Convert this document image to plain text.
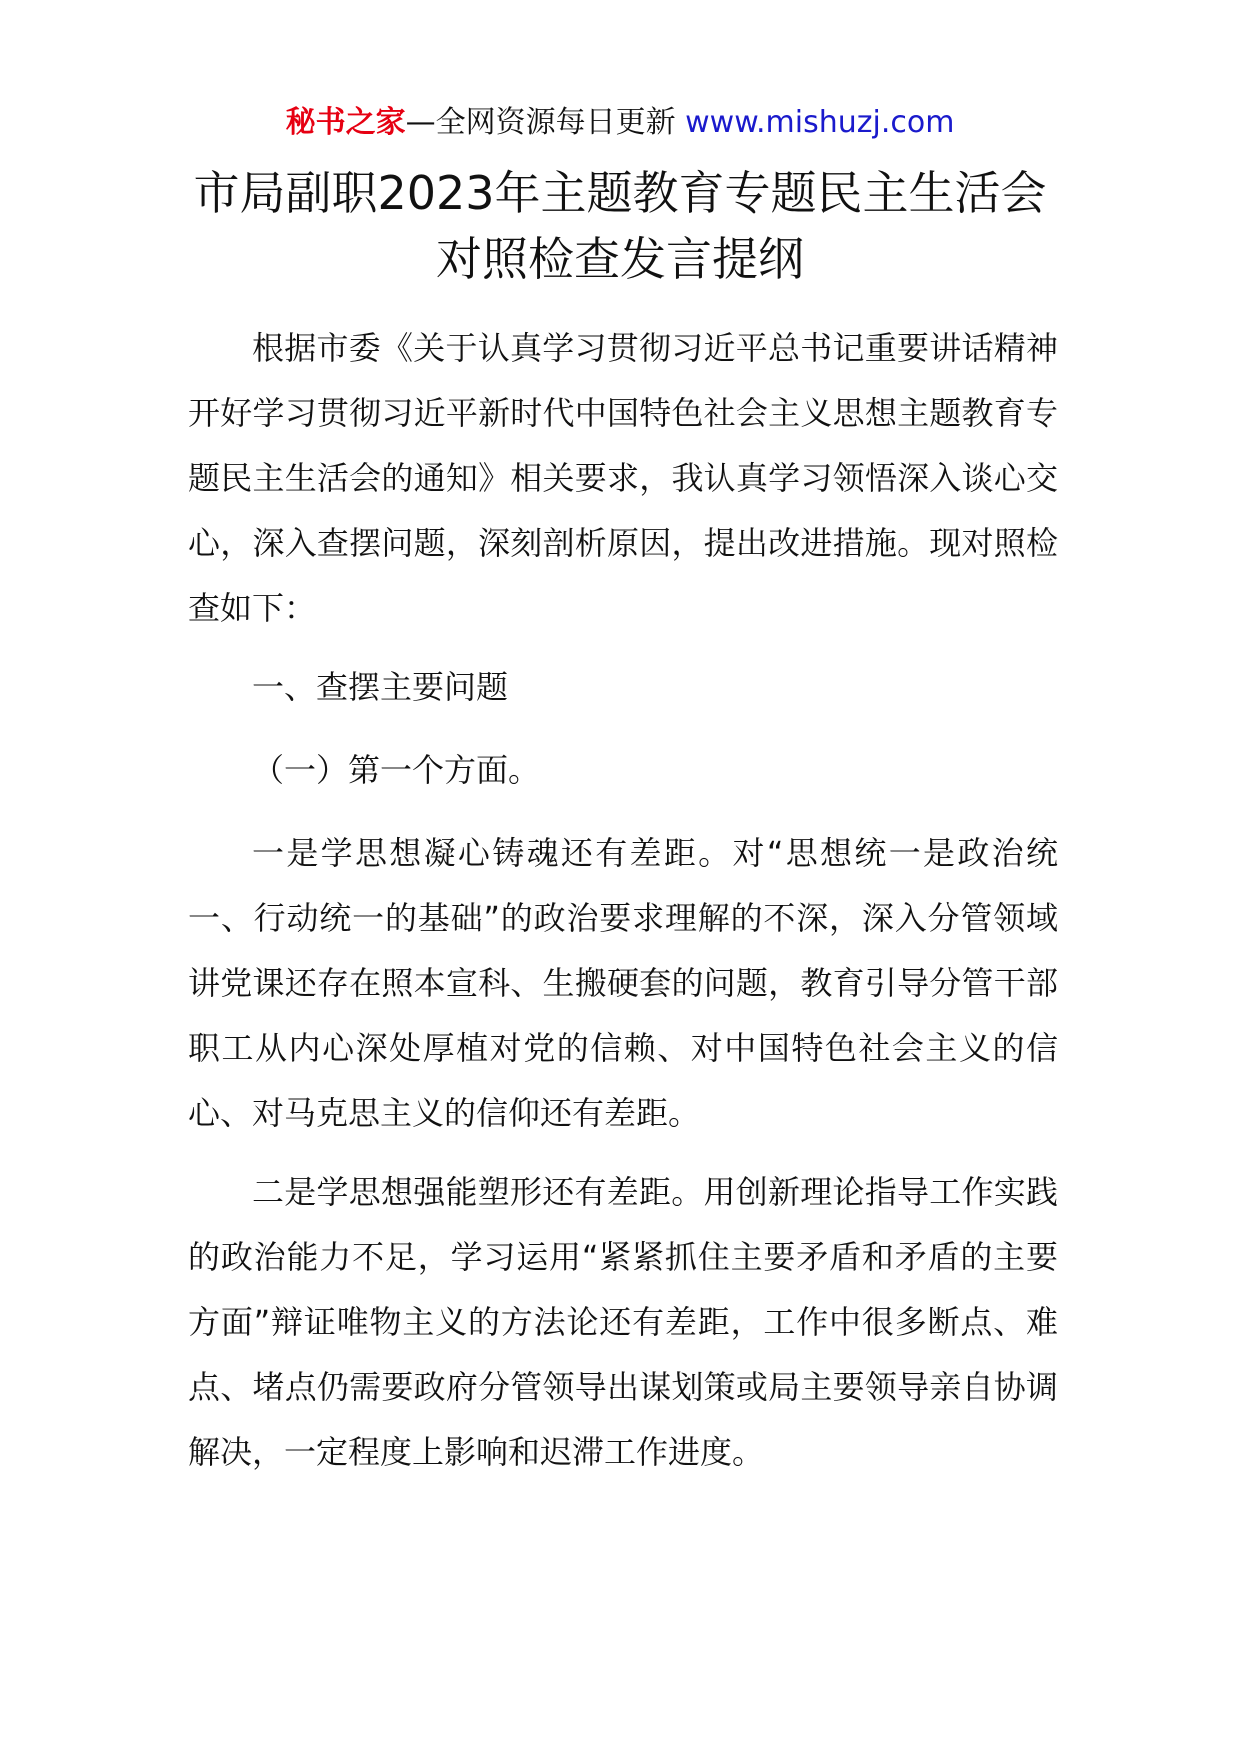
秘书之家—全网资源每日更新 www.mishuzj.com
市局副职2023年主题教育专题民主生活会
对照检查发言提纲

根据市委《关于认真学习贯彻习近平总书记重要讲话精神开好学习贯彻习近平新时代中国特色社会主义思想主题教育专题民主生活会的通知》相关要求，我认真学习领悟深入谈心交心，深入查摆问题，深刻剖析原因，提出改进措施。现对照检查如下：

一、查摆主要问题

（一）第一个方面。

一是学思想凝心铸魂还有差距。对“思想统一是政治统一、行动统一的基础”的政治要求理解的不深，深入分管领域讲党课还存在照本宣科、生搬硬套的问题，教育引导分管干部职工从内心深处厚植对党的信赖、对中国特色社会主义的信心、对马克思主义的信仰还有差距。

二是学思想强能塑形还有差距。用创新理论指导工作实践的政治能力不足，学习运用“紧紧抓住主要矛盾和矛盾的主要方面”辩证唯物主义的方法论还有差距，工作中很多断点、难点、堵点仍需要政府分管领导出谋划策或局主要领导亲自协调解决，一定程度上影响和迟滞工作进度。
